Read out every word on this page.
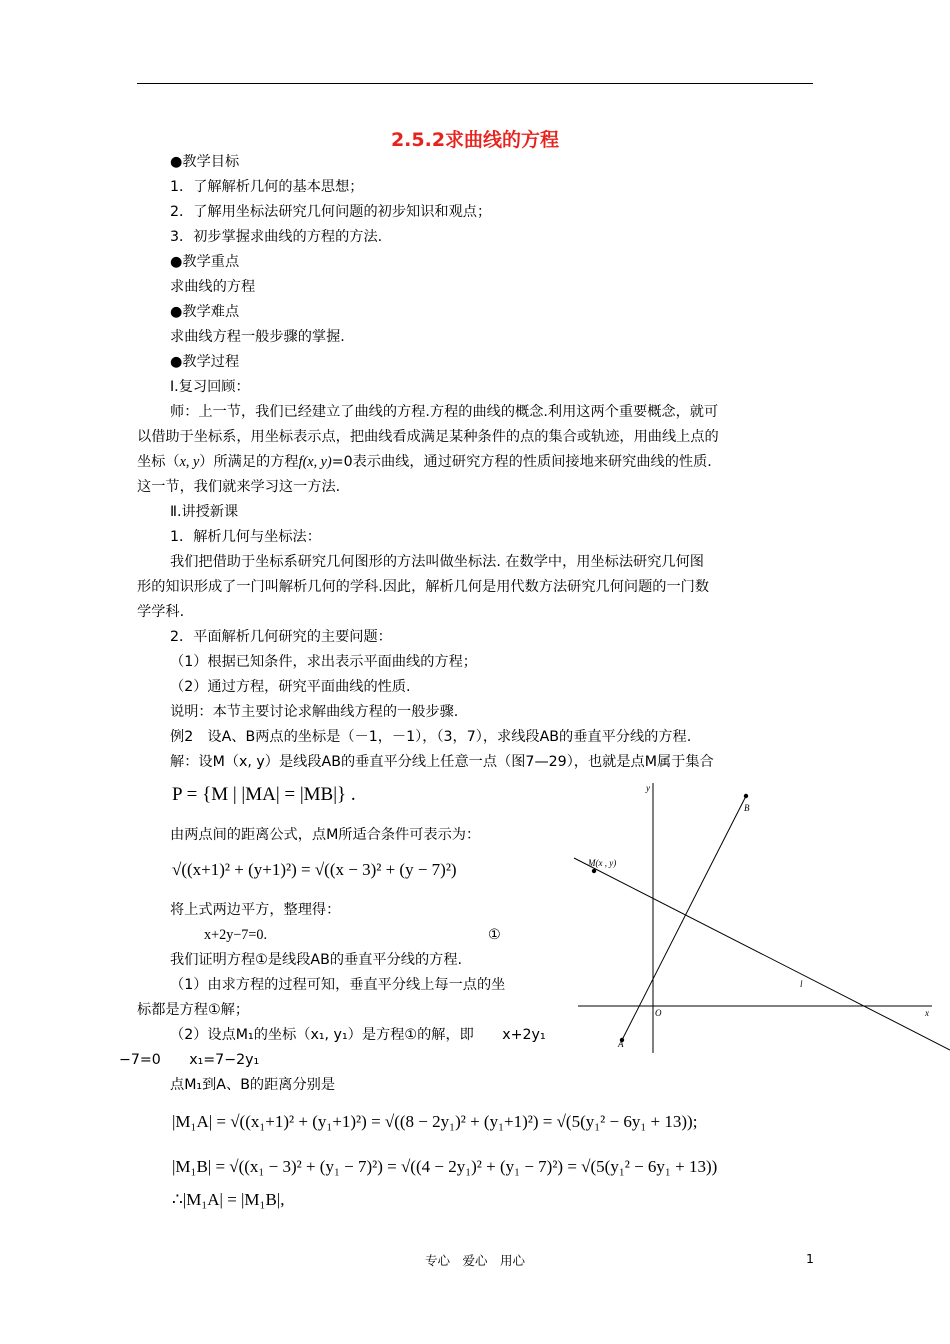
2.5.2求曲线的方程
●教学目标
1．了解解析几何的基本思想；
2．了解用坐标法研究几何问题的初步知识和观点；
3．初步掌握求曲线的方程的方法.
●教学重点
求曲线的方程
●教学难点
求曲线方程一般步骤的掌握.
●教学过程
Ⅰ.复习回顾：
师：上一节，我们已经建立了曲线的方程.方程的曲线的概念.利用这两个重要概念，就可
以借助于坐标系，用坐标表示点，把曲线看成满足某种条件的点的集合或轨迹，用曲线上点的
坐标（x, y）所满足的方程f(x, y)=0表示曲线，通过研究方程的性质间接地来研究曲线的性质.
这一节，我们就来学习这一方法.
Ⅱ.讲授新课
1．解析几何与坐标法：
我们把借助于坐标系研究几何图形的方法叫做坐标法. 在数学中，用坐标法研究几何图
形的知识形成了一门叫解析几何的学科.因此，解析几何是用代数方法研究几何问题的一门数
学学科.
2．平面解析几何研究的主要问题：
（1）根据已知条件，求出表示平面曲线的方程；
（2）通过方程，研究平面曲线的性质.
说明：本节主要讨论求解曲线方程的一般步骤.
例2　设A、B两点的坐标是（－1，－1），（3，7），求线段AB的垂直平分线的方程.
解：设M（x, y）是线段AB的垂直平分线上任意一点（图7—29），也就是点M属于集合
P = {M | |MA| = |MB|} .
由两点间的距离公式，点M所适合条件可表示为：
√((x+1)² + (y+1)²) = √((x − 3)² + (y − 7)²)
将上式两边平方，整理得：
x+2y−7=0.	①
我们证明方程①是线段AB的垂直平分线的方程.
（1）由求方程的过程可知，垂直平分线上每一点的坐
标都是方程①解；
（2）设点M₁的坐标（x₁, y₁）是方程①的解，即　　x+2y₁
−7=0　　x₁=7−2y₁
点M₁到A、B的距离分别是
|M₁A| = √((x₁+1)² + (y₁+1)²) = √((8 − 2y₁)² + (y₁+1)²) = √(5(y₁² − 6y₁ + 13));
|M₁B| = √((x₁ − 3)² + (y₁ − 7)²) = √((4 − 2y₁)² + (y₁ − 7)²) = √(5(y₁² − 6y₁ + 13))
∴|M₁A| = |M₁B|,
y
x
O
A
B
M(x , y)
l
专心　爱心　用心	1
